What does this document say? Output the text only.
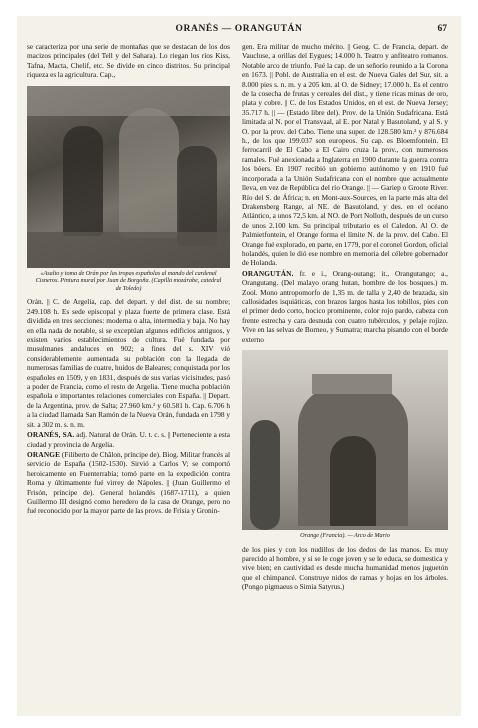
ORANÉS — ORANGUTÁN	67

se caracteriza por una serie de montañas que se destacan de los dos macizos principales (del Tell y del Sahara). Lo riegan los ríos Kiss, Tafna, Macta, Chelif, etc. Se divide en cinco distritos. Su principal riqueza es la agricultura. Cap.,

«Asalto y toma de Orán por las tropas españolas al mando del cardenal Cisneros. Pintura mural por Juan de Borgoña. (Capilla mozárabe, catedral de Toledo)

Orán. || C. de Argelia, cap. del depart. y del dist. de su nombre; 249.108 h. Es sede episcopal y plaza fuerte de primera clase. Está dividida en tres secciones: moderna o alta, intermedia y baja. No hay en ella nada de notable, si se exceptúan algunos edificios antiguos, y existen varios establecimientos de cultura. Fué fundada por musulmanes andaluces en 902; a fines del s. XIV vió considerablemente aumentada su población con la llegada de numerosas familias de cuatre, huídos de Baleares; conquistada por los españoles en 1509, y en 1831, después de sus varias vicisitudes, pasó a poder de Francia, como el resto de Argelia. Tiene mucha población española e importantes relaciones comerciales con España. || Depart. de la Argentina, prov. de Salta; 27.960 km.² y 60.581 h. Cap. 6.706 h a la ciudad llamada San Ramón de la Nueva Orán, fundada en 1798 y sit. a 302 m. s. n. m.

ORANÉS, SA. adj. Natural de Orán. U. t. c. s. || Perteneciente a esta ciudad y provincia de Argelia.

ORANGE (Filiberto de Châlon, príncipe de). Biog. Militar francés al servicio de España (1502-1530). Sirvió a Carlos V; se comportó heroicamente en Fuenterrabía; tomó parte en la expedición contra Roma y últimamente fué virrey de Nápoles. || (Juan Guillermo el Frisón, príncipe de). General holandés (1687-1711), a quien Guillermo III designó como heredero de la casa de Orange, pero no fué reconocido por la mayor parte de las provs. de Frisia y Gronin-

gen. Era militar de mucho mérito. || Geog. C. de Francia, depart. de Vaucluse, a orillas del Eygues; 14.000 h. Teatro y anfiteatro romanos. Notable arco de triunfo. Fué la cap. de un señorío reunido a la Corona en 1673. || Pobl. de Australia en el est. de Nueva Gales del Sur, sit. a 8.000 pies s. n. m. y a 205 km. al O. de Sidney; 17.000 h. Es el centro de la cosecha de frutas y cereales del dist., y tiene ricas minas de oro, plata y cobre. || C. de los Estados Unidos, en el est. de Nueva Jersey; 35.717 h. || — (Estado libre del). Prov. de la Unión Sudafricana. Está limitada al N. por el Transvaal, al E. por Natal y Basutoland, y al S. y O. por la prov. del Cabo. Tiene una super. de 128.580 km.² y 876.684 h., de los que 199.037 son europeos. Su cap. es Bloemfontein. El ferrocarril de El Cabo a El Cairo cruza la prov., con numerosos ramales. Fué anexionada a Inglaterra en 1900 durante la guerra contra los bóers. En 1907 recibió un gobierno autónomo y en 1910 fué incorporada a la Unión Sudafricana con el nombre que actualmente lleva, en vez de República del río Orange. || — Gariep o Groote River. Río del S. de África; n. en Mont-aux-Sources, en la parte más alta del Drakensberg Range, al NE. de Basutoland, y des. en el océano Atlántico, a unos 72,5 km. al NO. de Port Nolloth, después de un curso de unos 2.100 km. Su principal tributario es el Caledon. Al O. de Palmietfontein, el Orange forma el límite N. de la prov. del Cabo. El Orange fué explorado, en parte, en 1779, por el coronel Gordon, oficial holandés, quien le dió ese nombre en memoria del célebre gobernador de Holanda.

ORANGUTÁN. fr. e i., Orang-outang; it., Orangutango; a., Orangutang. (Del malayo orang hutan, hombre de los bosques.) m. Zool. Mono antropomorfo de 1,35 m. de talla y 2,40 de brazada, sin callosidades isquiáticas, con brazos largos hasta los tobillos, pies con el primer dedo corto, hocico prominente, color rojo pardo, cabeza con frente estrecha y cara desnuda con cuatro tubérculos, y pelaje rojizo. Vive en las selvas de Borneo, y Sumatra; marcha pisando con el borde externo

Orange (Francia). — Arco de Mario

de los pies y con los nudillos de los dedos de las manos. Es muy parecido al hombre, y si se le coge joven y se le educa, se domestica y vive bien; en cautividad es desde mucha humanidad menos juguetón que el chimpancé. Construye nidos de ramas y hojas en los árboles. (Pongo pigmaeus o Simia Satyrus.)
